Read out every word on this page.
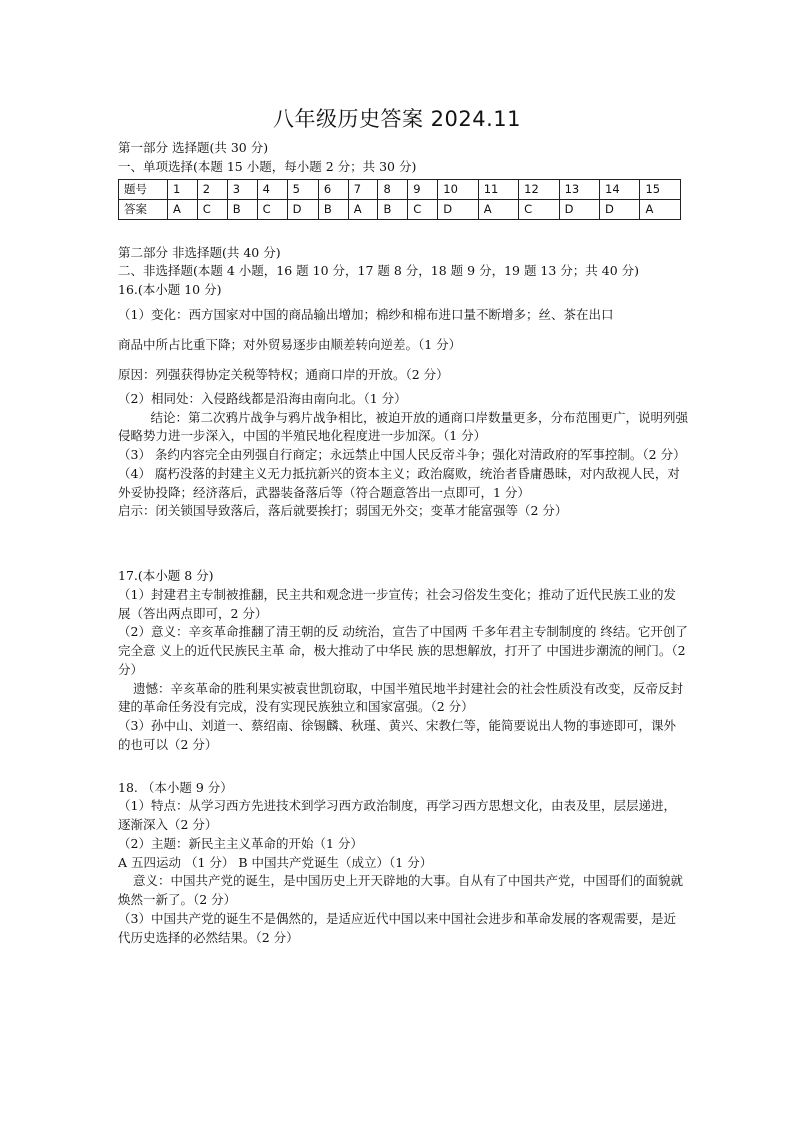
八年级历史答案 2024.11

第一部分 选择题(共 30 分)

一、单项选择(本题 15 小题，每小题 2 分；共 30 分)

题号	1	2	3	4	5	6	7	8	9	10	11	12	13	14	15
答案	A	C	B	C	D	B	A	B	C	D	A	C	D	D	A

第二部分 非选择题(共 40 分)

二、非选择题(本题 4 小题，16 题 10 分，17 题 8 分，18 题 9 分，19 题 13 分；共 40 分)

16.(本小题 10 分)

（1）变化：西方国家对中国的商品输出增加；棉纱和棉布进口量不断增多；丝、茶在出口

商品中所占比重下降；对外贸易逐步由顺差转向逆差。（1 分）

原因：列强获得协定关税等特权；通商口岸的开放。（2 分）

（2）相同处：入侵路线都是沿海由南向北。（1 分）

结论：第二次鸦片战争与鸦片战争相比，被迫开放的通商口岸数量更多，分布范围更广，说明列强侵略势力进一步深入，中国的半殖民地化程度进一步加深。（1 分）

（3） 条约内容完全由列强自行商定；永远禁止中国人民反帝斗争；强化对清政府的军事控制。（2 分）

（4） 腐朽没落的封建主义无力抵抗新兴的资本主义；政治腐败，统治者昏庸愚昧，对内敌视人民，对外妥协投降；经济落后，武器装备落后等（符合题意答出一点即可，1 分）

启示：闭关锁国导致落后，落后就要挨打；弱国无外交；变革才能富强等（2 分）

17.(本小题 8 分)

（1）封建君主专制被推翻，民主共和观念进一步宣传；社会习俗发生变化；推动了近代民族工业的发展（答出两点即可，2 分）

（2）意义：辛亥革命推翻了清王朝的反 动统治，宣告了中国两 千多年君主专制制度的 终结。它开创了完全意 义上的近代民族民主革 命，极大推动了中华民 族的思想解放，打开了 中国进步潮流的闸门。（2 分）

遗憾：辛亥革命的胜利果实被袁世凯窃取，中国半殖民地半封建社会的社会性质没有改变，反帝反封建的革命任务没有完成，没有实现民族独立和国家富强。（2 分）

（3）孙中山、刘道一、蔡绍南、徐锡麟、秋瑾、黄兴、宋教仁等，能简要说出人物的事迹即可，课外的也可以（2 分）

18. （本小题 9 分）

（1）特点：从学习西方先进技术到学习西方政治制度，再学习西方思想文化，由表及里，层层递进，逐渐深入（2 分）

（2）主题：新民主主义革命的开始（1 分）

A 五四运动 （1 分） B 中国共产党诞生（成立）（1 分）

意义：中国共产党的诞生，是中国历史上开天辟地的大事。自从有了中国共产党，中国哥们的面貌就焕然一新了。（2 分）

（3）中国共产党的诞生不是偶然的，是适应近代中国以来中国社会进步和革命发展的客观需要，是近代历史选择的必然结果。（2 分）
